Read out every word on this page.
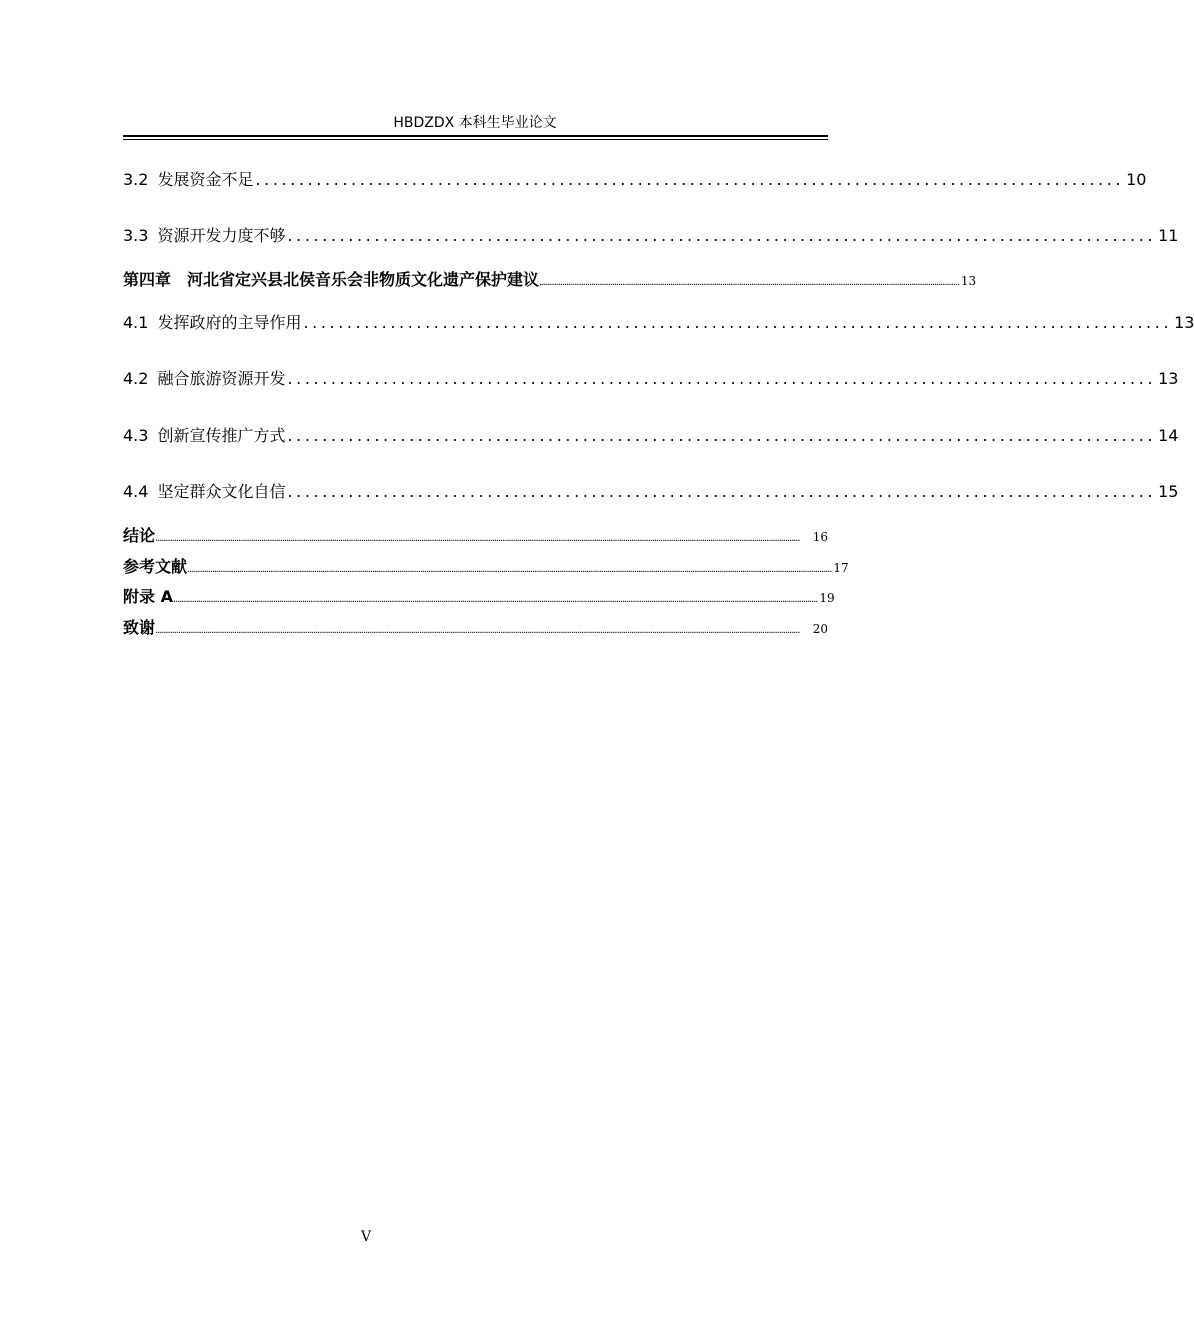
HBDZDX 本科生毕业论文
3.2 发展资金不足 .................................................................................................... 10
3.3 资源开发力度不够 .................................................................................................... 11
第四章　河北省定兴县北侯音乐会非物质文化遗产保护建议 .......................................................................................................................................................................................................... 13
4.1 发挥政府的主导作用 .................................................................................................... 13
4.2 融合旅游资源开发 .................................................................................................... 13
4.3 创新宣传推广方式 .................................................................................................... 14
4.4 坚定群众文化自信 .................................................................................................... 15
结论 ......................................................................................................................................................................................................................................................................................................................	16
参考文献 ...................................................................................................................................................................................................................................................................................................................... 17
附录 A ...................................................................................................................................................................................................................................................................................................................... 19
致谢 ......................................................................................................................................................................................................................................................................................................................	20
V
